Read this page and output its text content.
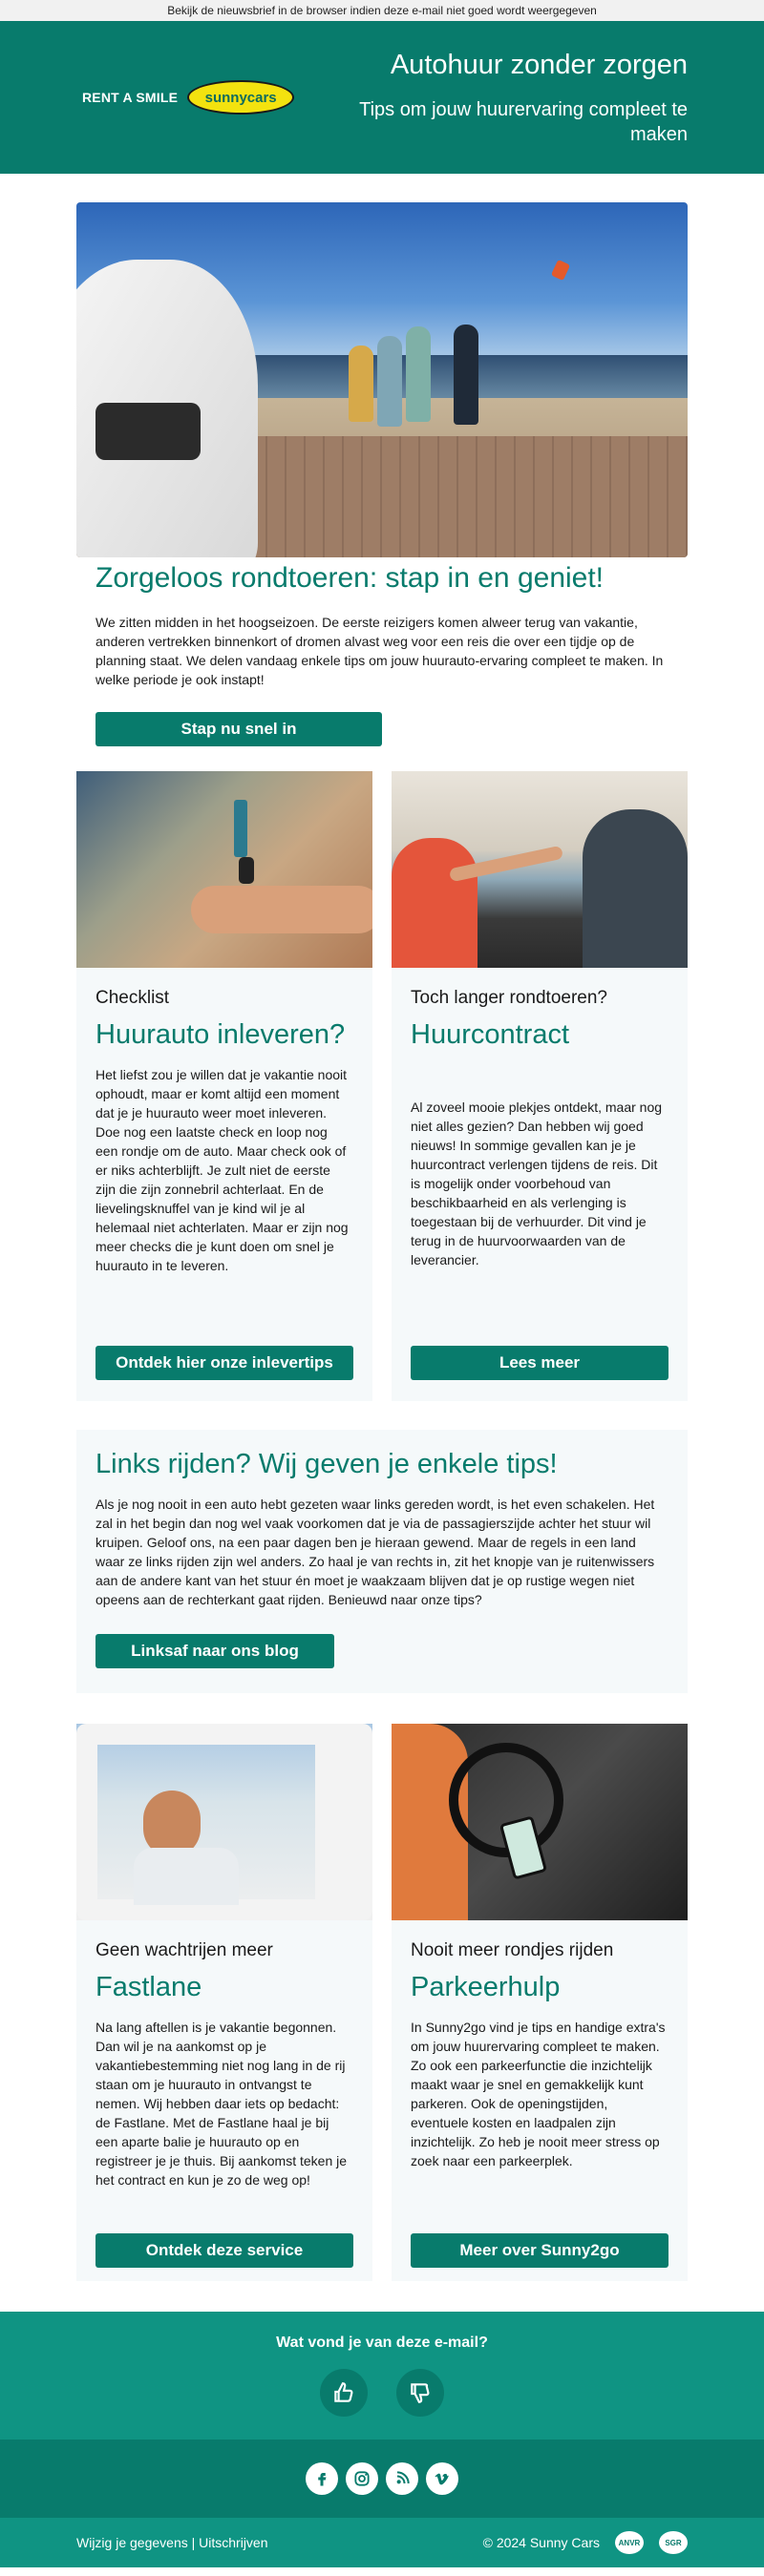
Bekijk de nieuwsbrief in de browser indien deze e-mail niet goed wordt weergegeven
RENT A SMILE sunnycars
Autohuur zonder zorgen
Tips om jouw huurervaring compleet te maken
Zorgeloos rondtoeren: stap in en geniet!

We zitten midden in het hoogseizoen. De eerste reizigers komen alweer terug van vakantie, anderen vertrekken binnenkort of dromen alvast weg voor een reis die over een tijdje op de planning staat. We delen vandaag enkele tips om jouw huurauto-ervaring compleet te maken. In welke periode je ook instapt!

Stap nu snel in
Checklist
Huurauto inleveren?

Het liefst zou je willen dat je vakantie nooit ophoudt, maar er komt altijd een moment dat je je huurauto weer moet inleveren. Doe nog een laatste check en loop nog een rondje om de auto. Maar check ook of er niks achterblijft. Je zult niet de eerste zijn die zijn zonnebril achterlaat. En de lievelingsknuffel van je kind wil je al helemaal niet achterlaten. Maar er zijn nog meer checks die je kunt doen om snel je huurauto in te leveren.

Ontdek hier onze inlevertips
Toch langer rondtoeren?
Huurcontract

Al zoveel mooie plekjes ontdekt, maar nog niet alles gezien? Dan hebben wij goed nieuws! In sommige gevallen kan je je huurcontract verlengen tijdens de reis. Dit is mogelijk onder voorbehoud van beschikbaarheid en als verlenging is toegestaan bij de verhuurder. Dit vind je terug in de huurvoorwaarden van de leverancier.

Lees meer
Links rijden? Wij geven je enkele tips!

Als je nog nooit in een auto hebt gezeten waar links gereden wordt, is het even schakelen. Het zal in het begin dan nog wel vaak voorkomen dat je via de passagierszijde achter het stuur wil kruipen. Geloof ons, na een paar dagen ben je hieraan gewend. Maar de regels in een land waar ze links rijden zijn wel anders. Zo haal je van rechts in, zit het knopje van je ruitenwissers aan de andere kant van het stuur én moet je waakzaam blijven dat je op rustige wegen niet opeens aan de rechterkant gaat rijden. Benieuwd naar onze tips?

Linksaf naar ons blog
Geen wachtrijen meer
Fastlane

Na lang aftellen is je vakantie begonnen. Dan wil je na aankomst op je vakantiebestemming niet nog lang in de rij staan om je huurauto in ontvangst te nemen. Wij hebben daar iets op bedacht: de Fastlane. Met de Fastlane haal je bij een aparte balie je huurauto op en registreer je je thuis. Bij aankomst teken je het contract en kun je zo de weg op!

Ontdek deze service
Nooit meer rondjes rijden
Parkeerhulp

In Sunny2go vind je tips en handige extra's om jouw huurervaring compleet te maken. Zo ook een parkeerfunctie die inzichtelijk maakt waar je snel en gemakkelijk kunt parkeren. Ook de openingstijden, eventuele kosten en laadpalen zijn inzichtelijk. Zo heb je nooit meer stress op zoek naar een parkeerplek.

Meer over Sunny2go
Wat vond je van deze e-mail?
Wijzig je gegevens | Uitschrijven	© 2024 Sunny Cars	ANVR	SGR
